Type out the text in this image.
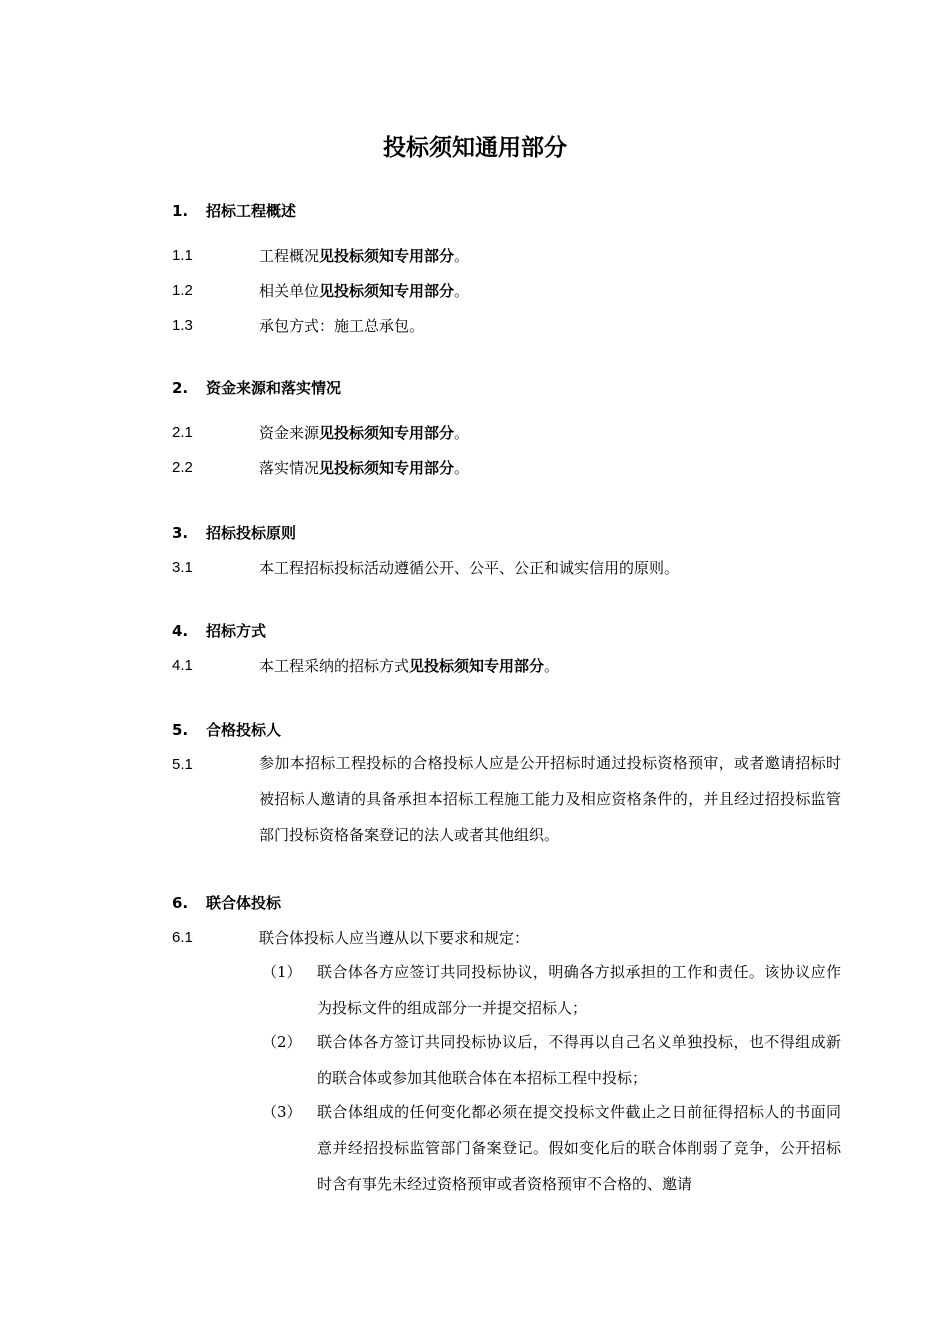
投标须知通用部分
1. 招标工程概述
1.1	工程概况见投标须知专用部分。
1.2	相关单位见投标须知专用部分。
1.3	承包方式：施工总承包。
2. 资金来源和落实情况
2.1	资金来源见投标须知专用部分。
2.2	落实情况见投标须知专用部分。
3. 招标投标原则
3.1	本工程招标投标活动遵循公开、公平、公正和诚实信用的原则。
4. 招标方式
4.1	本工程采纳的招标方式见投标须知专用部分。
5. 合格投标人
5.1	参加本招标工程投标的合格投标人应是公开招标时通过投标资格预审，或者邀请招标时被招标人邀请的具备承担本招标工程施工能力及相应资格条件的，并且经过招投标监管部门投标资格备案登记的法人或者其他组织。

6. 联合体投标
6.1	联合体投标人应当遵从以下要求和规定：
（1） 联合体各方应签订共同投标协议，明确各方拟承担的工作和责任。该协议应作为投标文件的组成部分一并提交招标人；

（2） 联合体各方签订共同投标协议后，不得再以自己名义单独投标，也不得组成新的联合体或参加其他联合体在本招标工程中投标；

（3） 联合体组成的任何变化都必须在提交投标文件截止之日前征得招标人的书面同意并经招投标监管部门备案登记。假如变化后的联合体削弱了竞争，公开招标时含有事先未经过资格预审或者资格预审不合格的、邀请
